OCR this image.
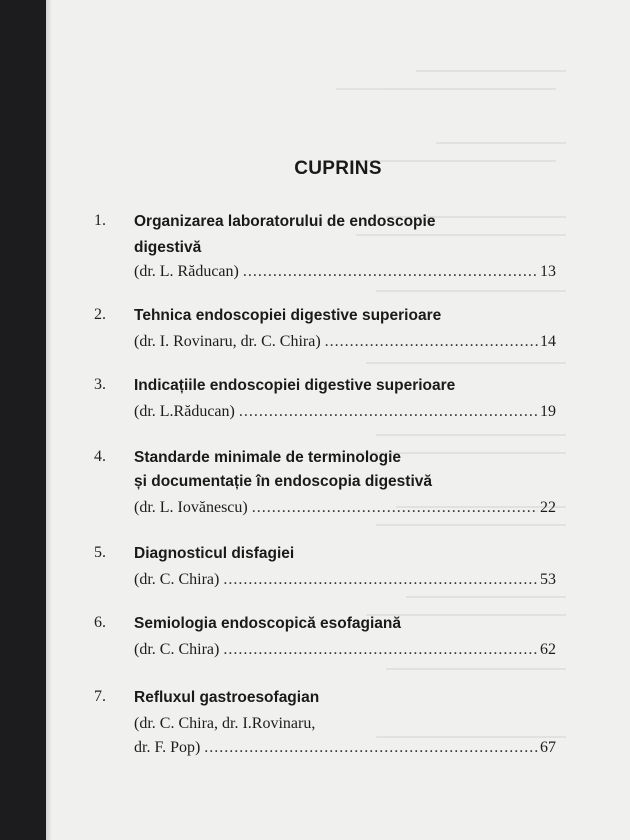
CUPRINS
1. Organizarea laboratorului de endoscopie
digestivă
(dr. L. Răducan) .....	13
2. Tehnica endoscopiei digestive superioare
(dr. I. Rovinaru, dr. C. Chira) .....	14
3. Indicațiile endoscopiei digestive superioare
(dr. L.Răducan) .....	19
4. Standarde minimale de terminologie
și documentație în endoscopia digestivă
(dr. L. Iovănescu) .....	22
5. Diagnosticul disfagiei
(dr. C. Chira) .....	53
6. Semiologia endoscopică esofagiană
(dr. C. Chira) .....	62
7. Refluxul gastroesofagian
(dr. C. Chira, dr. I.Rovinaru,
dr. F. Pop) .....	67
